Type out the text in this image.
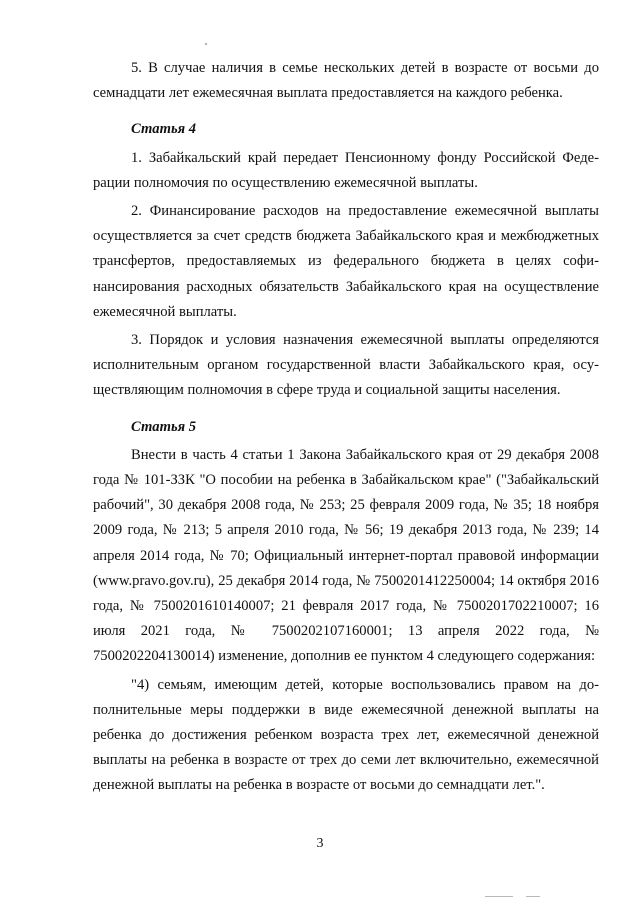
5. В случае наличия в семье нескольких детей в возрасте от восьми до семнадцати лет ежемесячная выплата предоставляется на каждого ребенка.

Статья 4

1. Забайкальский край передает Пенсионному фонду Российской Федерации полномочия по осуществлению ежемесячной выплаты.

2. Финансирование расходов на предоставление ежемесячной выплаты осуществляется за счет средств бюджета Забайкальского края и межбюджетных трансфертов, предоставляемых из федерального бюджета в целях софинансирования расходных обязательств Забайкальского края на осуществление ежемесячной выплаты.

3. Порядок и условия назначения ежемесячной выплаты определяются исполнительным органом государственной власти Забайкальского края, осуществляющим полномочия в сфере труда и социальной защиты населения.

Статья 5

Внести в часть 4 статьи 1 Закона Забайкальского края от 29 декабря 2008 года № 101-ЗЗК "О пособии на ребенка в Забайкальском крае" ("Забайкальский рабочий", 30 декабря 2008 года, № 253; 25 февраля 2009 года, № 35; 18 ноября 2009 года, № 213; 5 апреля 2010 года, № 56; 19 декабря 2013 года, № 239; 14 апреля 2014 года, № 70; Официальный интернет-портал правовой информации (www.pravo.gov.ru), 25 декабря 2014 года, № 7500201412250004; 14 октября 2016 года, № 7500201610140007; 21 февраля 2017 года, № 7500201702210007; 16 июля 2021 года, № 7500202107160001; 13 апреля 2022 года, № 7500202204130014) изменение, дополнив ее пунктом 4 следующего содержания:

"4) семьям, имеющим детей, которые воспользовались правом на дополнительные меры поддержки в виде ежемесячной денежной выплаты на ребенка до достижения ребенком возраста трех лет, ежемесячной денежной выплаты на ребенка в возрасте от трех до семи лет включительно, ежемесячной денежной выплаты на ребенка в возрасте от восьми до семнадцати лет.".

3
